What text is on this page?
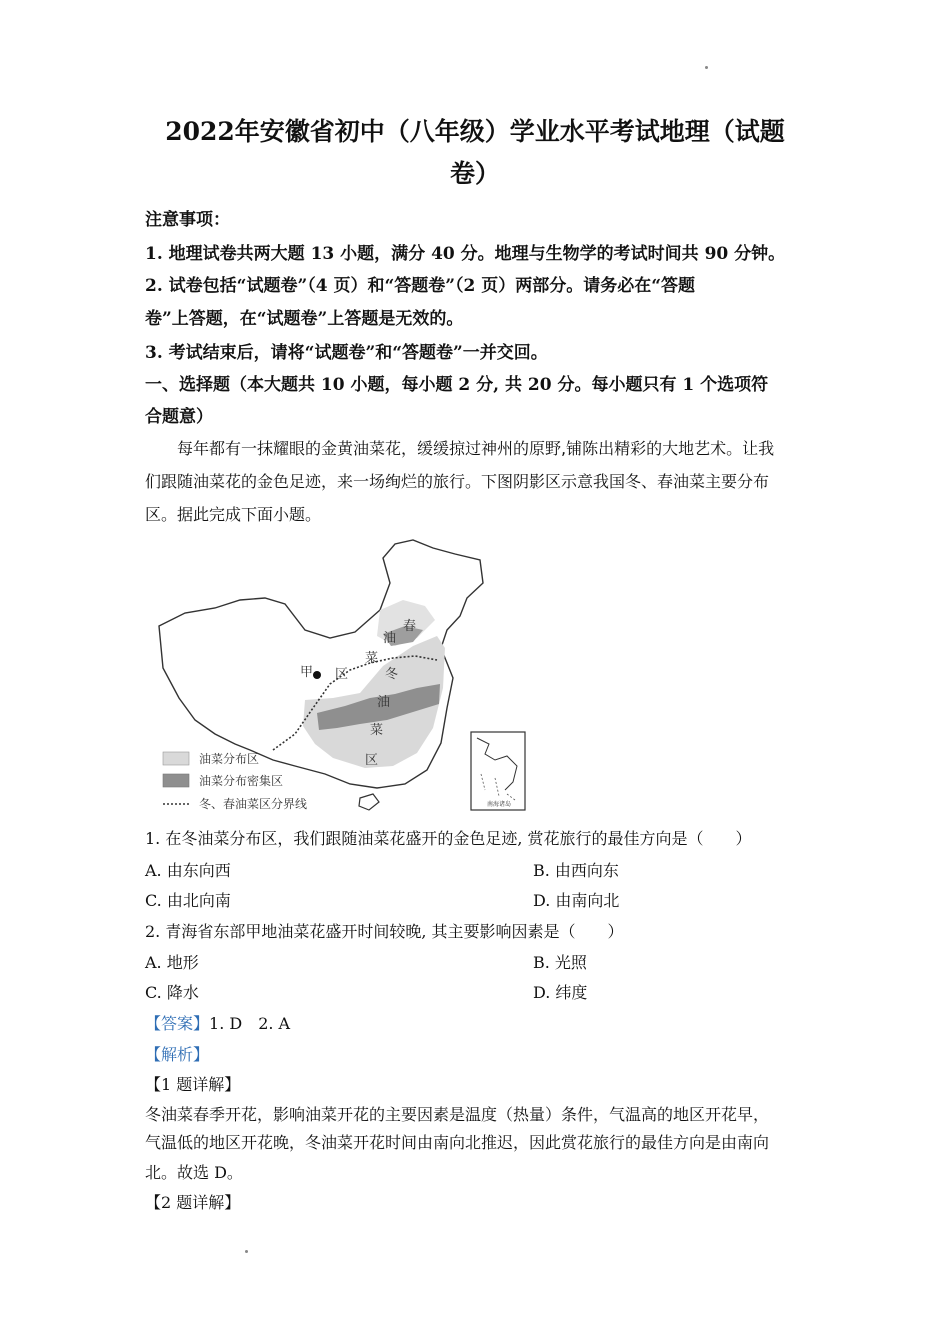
2022年安徽省初中（八年级）学业水平考试地理（试题
卷）
注意事项：
1. 地理试卷共两大题 13 小题，满分 40 分。地理与生物学的考试时间共 90 分钟。
2. 试卷包括“试题卷”（4 页）和“答题卷”（2 页）两部分。请务必在“答题
卷”上答题，在“试题卷”上答题是无效的。
3. 考试结束后，请将“试题卷”和“答题卷”一并交回。
一、选择题（本大题共 10 小题，每小题 2 分, 共 20 分。每小题只有 1 个选项符
合题意）
每年都有一抹耀眼的金黄油菜花，缓缓掠过神州的原野,铺陈出精彩的大地艺术。让我
们跟随油菜花的金色足迹，来一场绚烂的旅行。下图阴影区示意我国冬、春油菜主要分布
区。据此完成下面小题。
甲 区
春
油
菜
冬
油
菜
区
油菜分布区
油菜分布密集区
冬、春油菜区分界线	南海诸岛
1. 在冬油菜分布区，我们跟随油菜花盛开的金色足迹, 赏花旅行的最佳方向是（　　）
A. 由东向西	B. 由西向东
C. 由北向南	D. 由南向北
2. 青海省东部甲地油菜花盛开时间较晚, 其主要影响因素是（　　）
A. 地形	B. 光照
C. 降水	D. 纬度
【答案】1. D　2. A
【解析】
【1 题详解】
冬油菜春季开花，影响油菜开花的主要因素是温度（热量）条件，气温高的地区开花早，
气温低的地区开花晚，冬油菜开花时间由南向北推迟，因此赏花旅行的最佳方向是由南向
北。故选 D。
【2 题详解】
